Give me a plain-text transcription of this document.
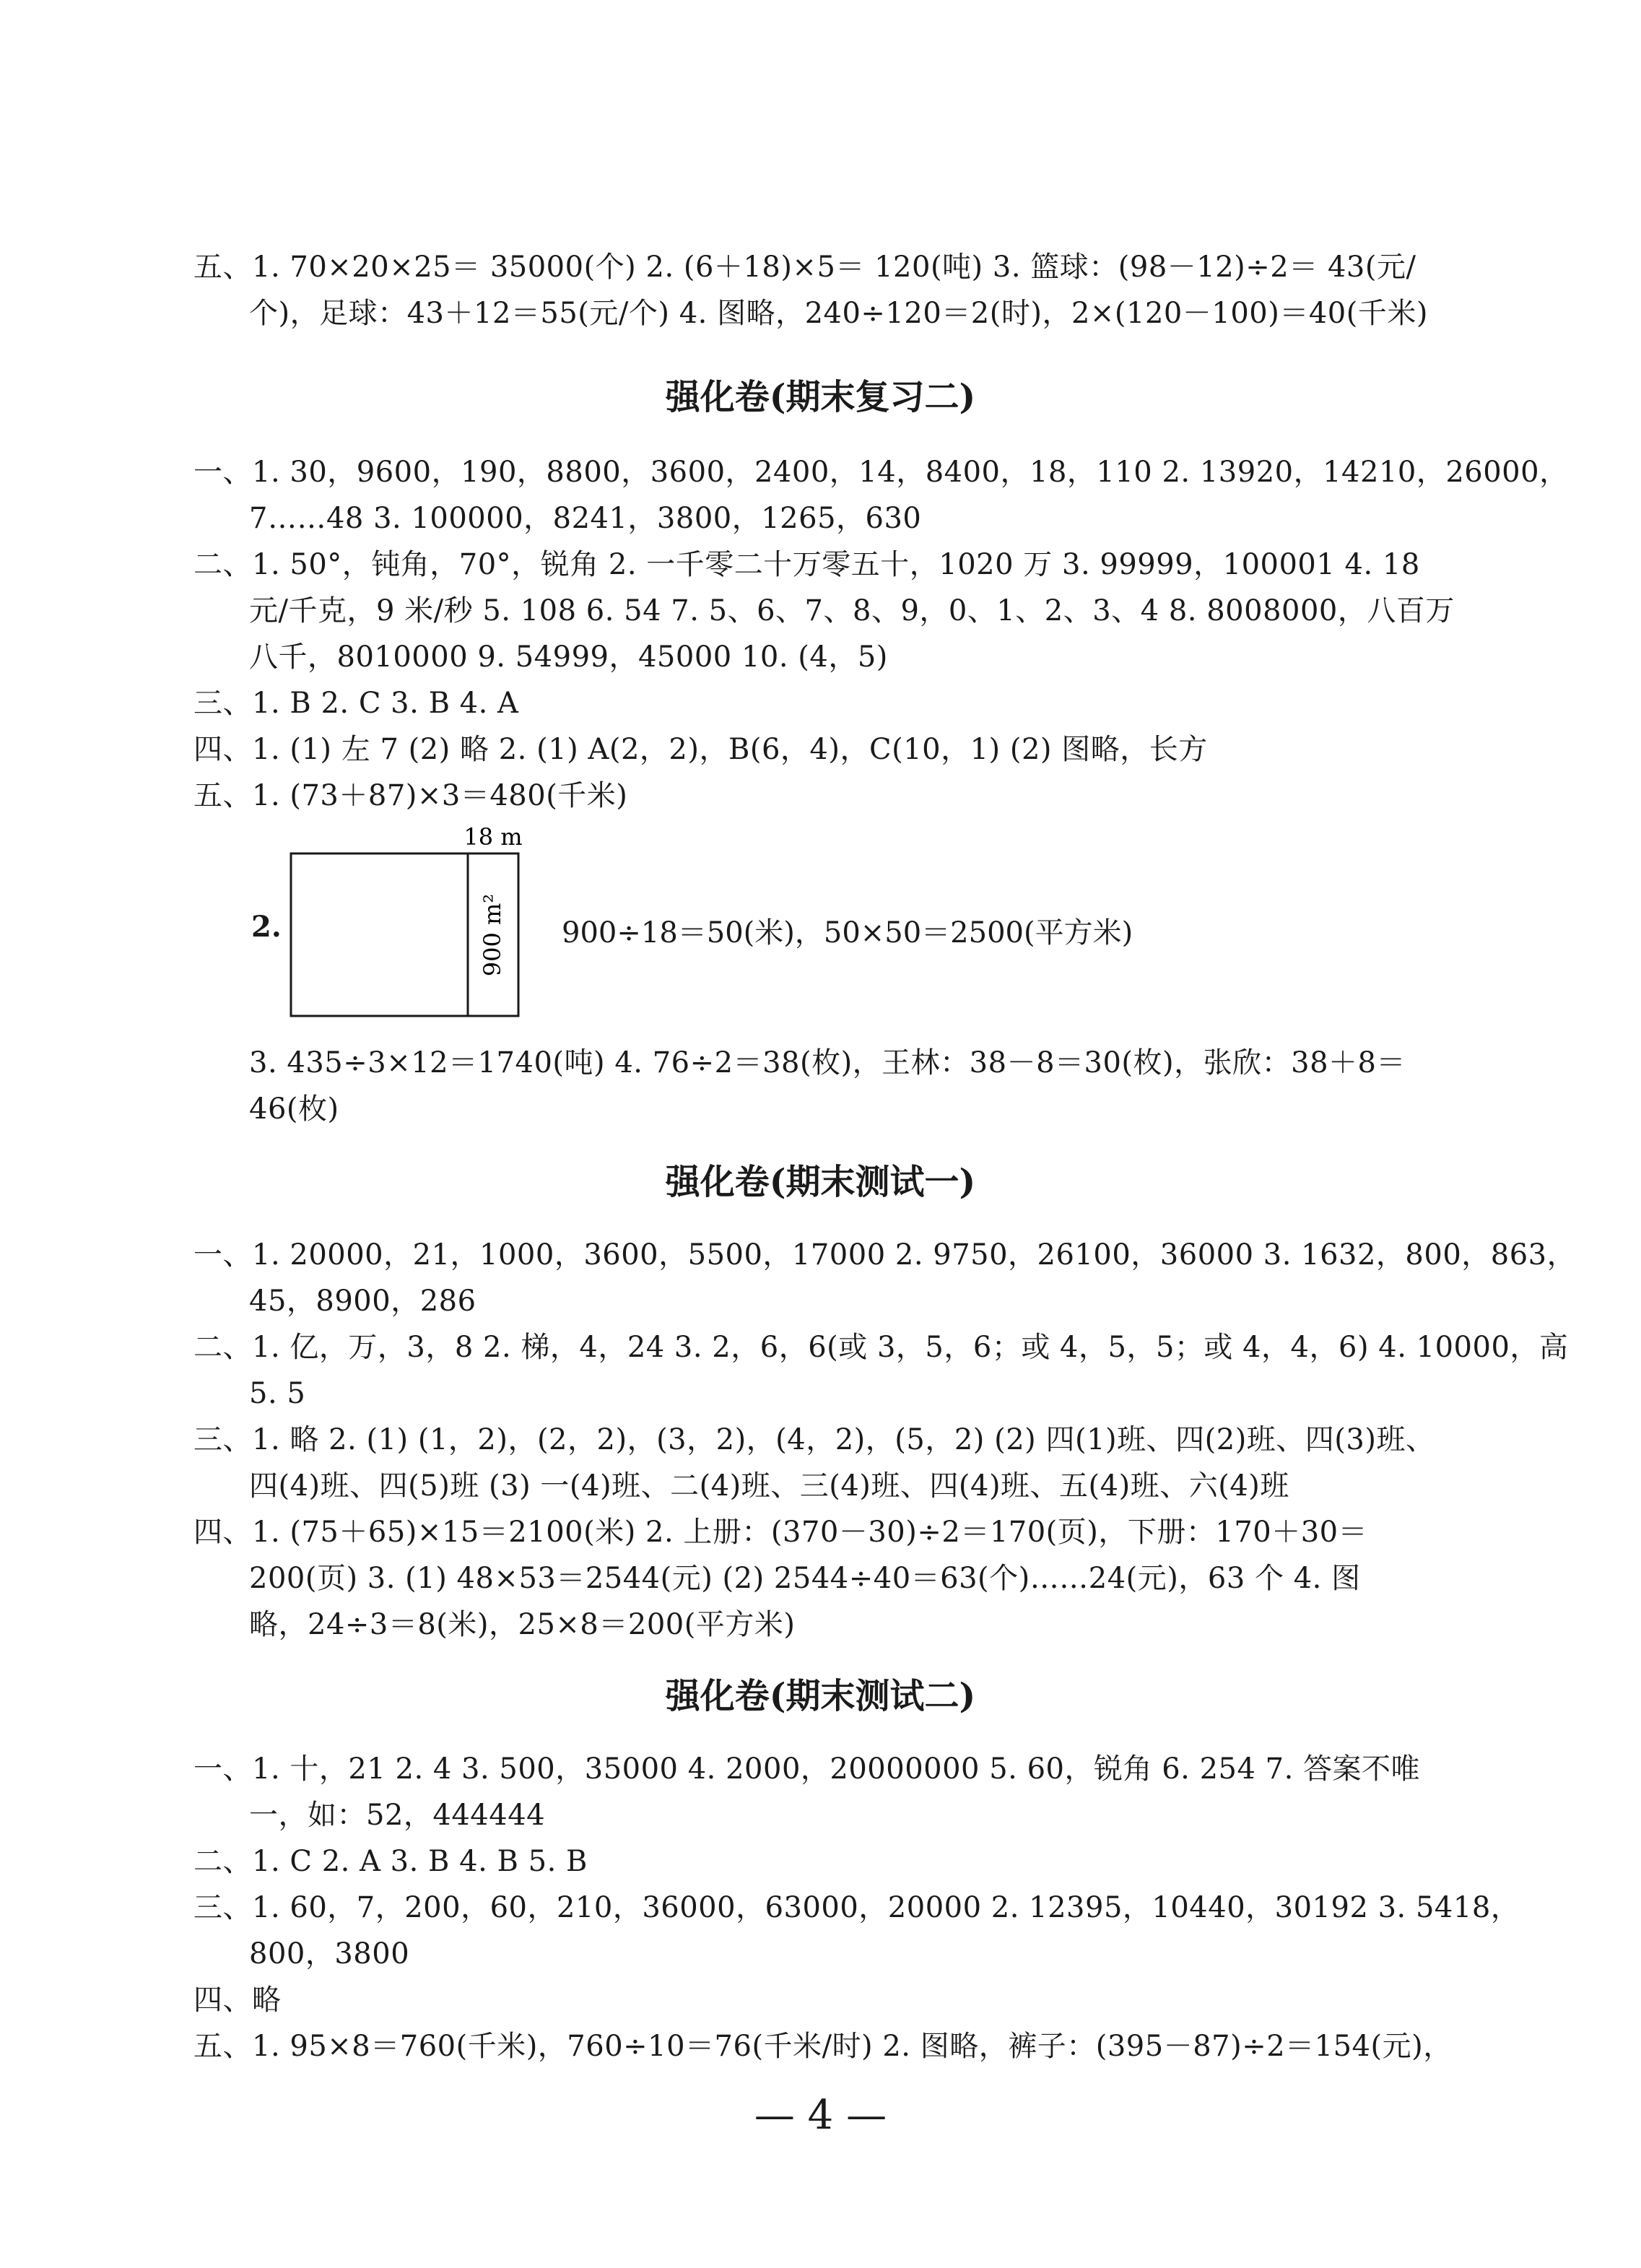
五、1. 70×20×25＝ 35000(个) 2. (6＋18)×5＝ 120(吨) 3. 篮球：(98－12)÷2＝ 43(元/
个)，足球：43＋12＝55(元/个) 4. 图略，240÷120＝2(时)，2×(120－100)＝40(千米)
强化卷(期末复习二)
一、1. 30，9600，190，8800，3600，2400，14，8400，18，110 2. 13920，14210，26000，
7……48 3. 100000，8241，3800，1265，630
二、1. 50°，钝角，70°，锐角 2. 一千零二十万零五十，1020 万 3. 99999，100001 4. 18
元/千克，9 米/秒 5. 108 6. 54 7. 5、6、7、8、9，0、1、2、3、4 8. 8008000，八百万
八千，8010000 9. 54999，45000 10. (4，5)
三、1. B 2. C 3. B 4. A
四、1. (1) 左 7 (2) 略 2. (1) A(2，2)，B(6，4)，C(10，1) (2) 图略，长方
五、1. (73＋87)×3＝480(千米)
2.
18 m
900 m² 900÷18＝50(米)，50×50＝2500(平方米)
3. 435÷3×12＝1740(吨) 4. 76÷2＝38(枚)，王林：38－8＝30(枚)，张欣：38＋8＝
46(枚)
强化卷(期末测试一)
一、1. 20000，21，1000，3600，5500，17000 2. 9750，26100，36000 3. 1632，800，863，
45，8900，286
二、1. 亿，万，3，8 2. 梯，4，24 3. 2，6，6(或 3，5，6；或 4，5，5；或 4，4，6) 4. 10000，高
5. 5
三、1. 略 2. (1) (1，2)，(2，2)，(3，2)，(4，2)，(5，2) (2) 四(1)班、四(2)班、四(3)班、
四(4)班、四(5)班 (3) 一(4)班、二(4)班、三(4)班、四(4)班、五(4)班、六(4)班
四、1. (75＋65)×15＝2100(米) 2. 上册：(370－30)÷2＝170(页)，下册：170＋30＝
200(页) 3. (1) 48×53＝2544(元) (2) 2544÷40＝63(个)……24(元)，63 个 4. 图
略，24÷3＝8(米)，25×8＝200(平方米)
强化卷(期末测试二)
一、1. 十，21 2. 4 3. 500，35000 4. 2000，20000000 5. 60，锐角 6. 254 7. 答案不唯
一，如：52，444444
二、1. C 2. A 3. B 4. B 5. B
三、1. 60，7，200，60，210，36000，63000，20000 2. 12395，10440，30192 3. 5418，
800，3800
四、略
五、1. 95×8＝760(千米)，760÷10＝76(千米/时) 2. 图略，裤子：(395－87)÷2＝154(元)，
— 4 —
